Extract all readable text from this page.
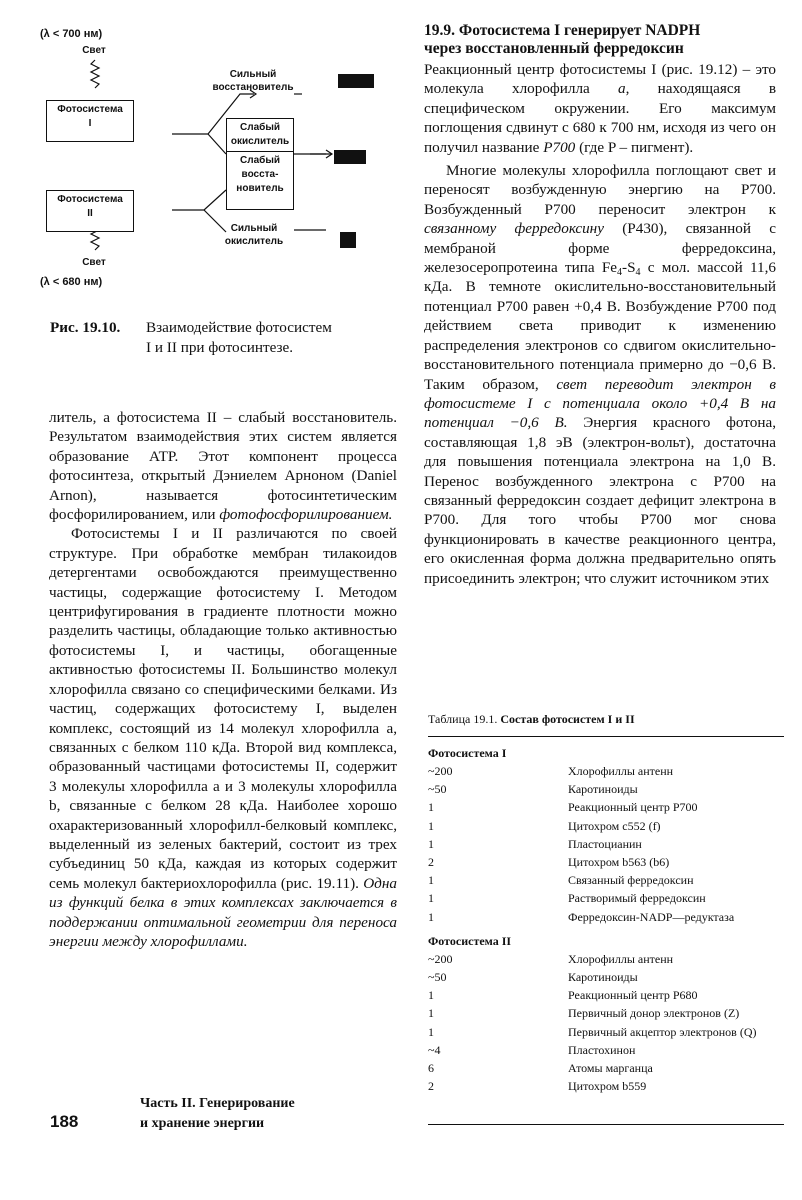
(λ < 700 нм)
Свет
Фотосистема
I
Сильный
восстановитель
Слабый
окислитель
Слабый
восста-
новитель
Фотосистема
II
Сильный
окислитель
Свет
(λ < 680 нм)
Рис. 19.10. Взаимодействие фотосистем
I и II при фотосинтезе.

литель, а фотосистема II – слабый восстановитель. Результатом взаимодействия этих систем является образование АТР. Этот компонент процесса фотосинтеза, открытый Дэниелем Арноном (Daniel Arnon), называется фотосинтетическим фосфорилированием, или фотофосфорилированием.

Фотосистемы I и II различаются по своей структуре. При обработке мембран тилакоидов детергентами освобождаются преимущественно частицы, содержащие фотосистему I. Методом центрифугирования в градиенте плотности можно разделить частицы, обладающие только активностью фотосистемы I, и частицы, обогащенные активностью фотосистемы II. Большинство молекул хлорофилла связано со специфическими белками. Из частиц, содержащих фотосистему I, выделен комплекс, состоящий из 14 молекул хлорофилла a, связанных с белком 110 кДа. Второй вид комплекса, образованный частицами фотосистемы II, содержит 3 молекулы хлорофилла a и 3 молекулы хлорофилла b, связанные с белком 28 кДа. Наиболее хорошо охарактеризованный хлорофилл-белковый комплекс, выделенный из зеленых бактерий, состоит из трех субъединиц 50 кДа, каждая из которых содержит семь молекул бактериохлорофилла (рис. 19.11). Одна из функций белка в этих комплексах заключается в поддержании оптимальной геометрии для переноса энергии между хлорофиллами.

188
Часть II. Генерирование
и хранение энергии
19.9. Фотосистема I генерирует NADPH
через восстановленный ферредоксин

Реакционный центр фотосистемы I (рис. 19.12) – это молекула хлорофилла a, находящаяся в специфическом окружении. Его максимум поглощения сдвинут с 680 к 700 нм, исходя из чего он получил название P700 (где P – пигмент).

Многие молекулы хлорофилла поглощают свет и переносят возбужденную энергию на P700. Возбужденный P700 переносит электрон к связанному ферредоксину (P430), связанной с мембраной форме ферредоксина, железосеропротеина типа $Fe_4-S_4$ с мол. массой 11,6 кДа. В темноте окислительно-восстановительный потенциал P700 равен +0,4 В. Возбуждение P700 под действием света приводит к изменению распределения электронов со сдвигом окислительно-восстановительного потенциала примерно до −0,6 В. Таким образом, свет переводит электрон в фотосистеме I с потенциала около +0,4 В на потенциал −0,6 В. Энергия красного фотона, составляющая 1,8 эВ (электрон-вольт), достаточна для повышения потенциала электрона на 1,0 В. Перенос возбужденного электрона с P700 на связанный ферредоксин создает дефицит электрона в P700. Для того чтобы P700 мог снова функционировать в качестве реакционного центра, его окисленная форма должна предварительно опять присоединить электрон; что служит источником этих

Таблица 19.1. Состав фотосистем I и II
Фотосистема I
~200	Хлорофиллы антенн
~50	Каротиноиды
1	Реакционный центр P700
1	Цитохром c552 (f)
1	Пластоцианин
2	Цитохром b563 (b6)
1	Связанный ферредоксин
1	Растворимый ферредоксин
1	Ферредоксин-NADP—редуктаза
Фотосистема II
~200	Хлорофиллы антенн
~50	Каротиноиды
1	Реакционный центр P680
1	Первичный донор электронов (Z)
1	Первичный акцептор электронов (Q)
~4	Пластохинон
6	Атомы марганца
2	Цитохром b559
